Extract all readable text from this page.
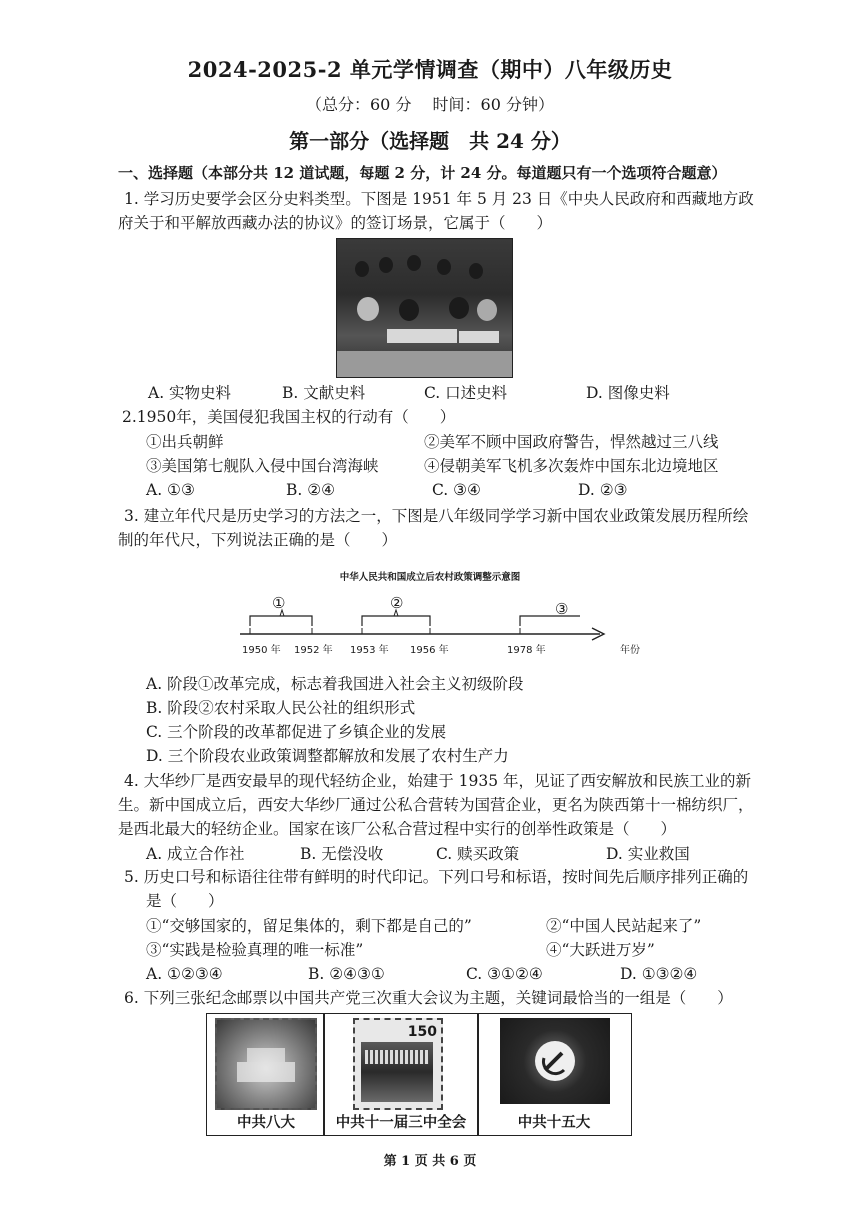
2024-2025-2 单元学情调查（期中）八年级历史
（总分：60 分　 时间：60 分钟）
第一部分（选择题　共 24 分）
一、选择题（本部分共 12 道试题，每题 2 分，计 24 分。每道题只有一个选项符合题意）
1. 学习历史要学会区分史料类型。下图是 1951 年 5 月 23 日《中央人民政府和西藏地方政
府关于和平解放西藏办法的协议》的签订场景，它属于（　　）
A. 实物史料	B. 文献史料	C. 口述史料	D. 图像史料
2.1950年，美国侵犯我国主权的行动有（　　）
①出兵朝鲜	②美军不顾中国政府警告，悍然越过三八线
③美国第七舰队入侵中国台湾海峡	④侵朝美军飞机多次轰炸中国东北边境地区
A. ①③	B. ②④	C. ③④	D. ②③
3. 建立年代尺是历史学习的方法之一，下图是八年级同学学习新中国农业政策发展历程所绘
制的年代尺，下列说法正确的是（　　）
中华人民共和国成立后农村政策调整示意图
①	②	③
1950 年 1952 年 1953 年 1956 年	1978 年	年份
A. 阶段①改革完成，标志着我国进入社会主义初级阶段
B. 阶段②农村采取人民公社的组织形式
C. 三个阶段的改革都促进了乡镇企业的发展
D. 三个阶段农业政策调整都解放和发展了农村生产力
4. 大华纱厂是西安最早的现代轻纺企业，始建于 1935 年，见证了西安解放和民族工业的新
生。新中国成立后，西安大华纱厂通过公私合营转为国营企业，更名为陕西第十一棉纺织厂，
是西北最大的轻纺企业。国家在该厂公私合营过程中实行的创举性政策是（　　）
A. 成立合作社	B. 无偿没收	C. 赎买政策	D. 实业救国
5. 历史口号和标语往往带有鲜明的时代印记。下列口号和标语，按时间先后顺序排列正确的
是（　　）
①“交够国家的，留足集体的，剩下都是自己的”	②“中国人民站起来了”
③“实践是检验真理的唯一标准”	④“大跃进万岁”
A. ①②③④	B. ②④③①	C. ③①②④	D. ①③②④
6. 下列三张纪念邮票以中国共产党三次重大会议为主题，关键词最恰当的一组是（　　）
150
中共八大	中共十一届三中全会	中共十五大
第 1 页 共 6 页
